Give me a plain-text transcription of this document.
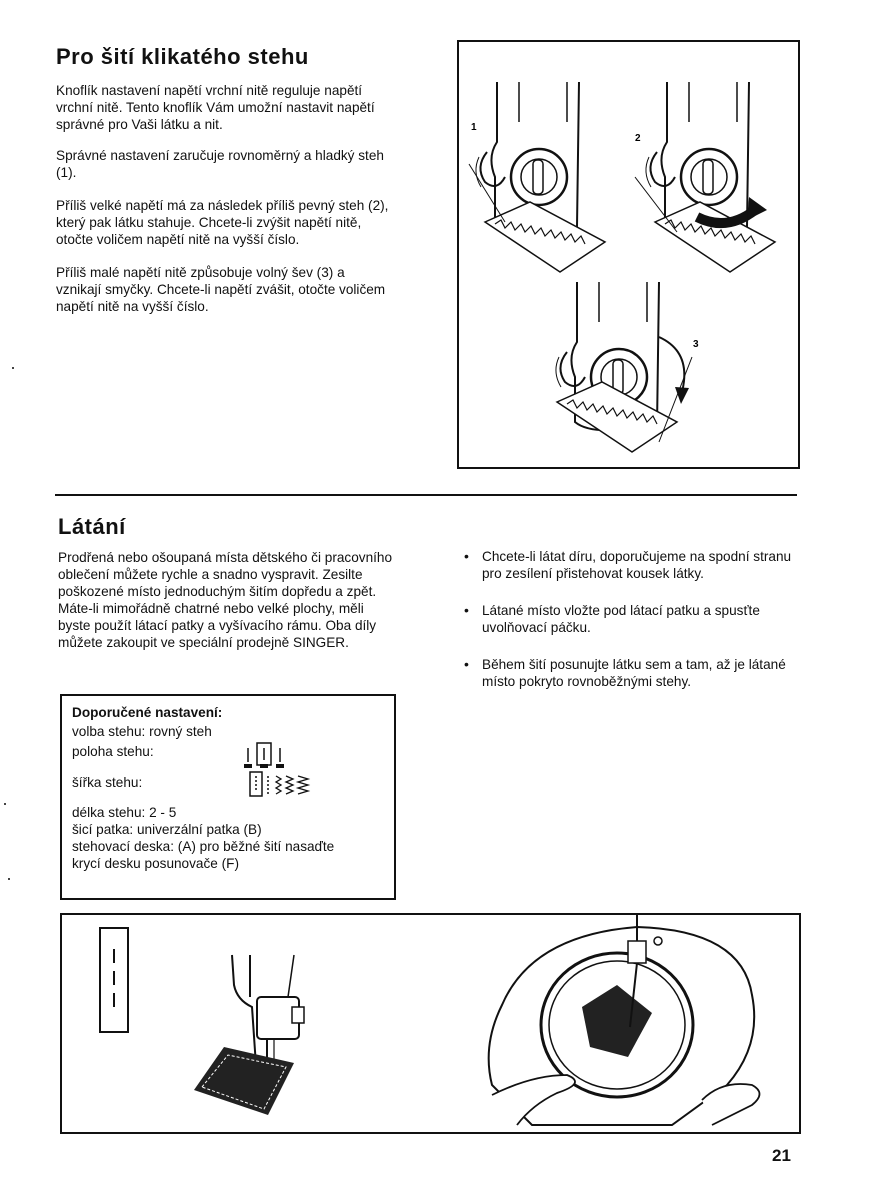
Pro šití klikatého stehu

Knoflík nastavení napětí vrchní nitě reguluje napětí vrchní nitě. Tento knoflík Vám umožní nastavit napětí správné pro Vaši látku a nit.

Správné nastavení zaručuje rovnoměrný a hladký steh (1).

Příliš velké napětí má za následek příliš pevný steh (2), který pak látku stahuje. Chcete-li zvýšit napětí nitě, otočte voličem napětí nitě na vyšší číslo.

Příliš malé napětí nitě způsobuje volný šev (3) a vznikají smyčky. Chcete-li napětí zvášit, otočte voličem napětí nitě na vyšší číslo.

1
2
3
Látání

Prodřená nebo ošoupaná místa dětského či pracovního oblečení můžete rychle a snadno vyspravit. Zesilte poškozené místo jednoduchým šitím dopředu a zpět. Máte-li mimořádně chatrné nebo velké plochy, měli byste použít látací patky a vyšívacího rámu. Oba díly můžete zakoupit ve speciální prodejně SINGER.

Doporučené nastavení:
volba stehu: rovný steh
poloha stehu:
šířka stehu:
délka stehu: 2 - 5
šicí patka: univerzální patka (B)
stehovací deska: (A) pro běžné šití nasaďte
krycí desku posunovače (F)
• Chcete-li látat díru, doporučujeme na spodní stranu pro zesílení přistehovat kousek látky.
• Látané místo vložte pod látací patku a spusťte uvolňovací páčku.
• Během šití posunujte látku sem a tam, až je látané místo pokryto rovnoběžnými stehy.
21
